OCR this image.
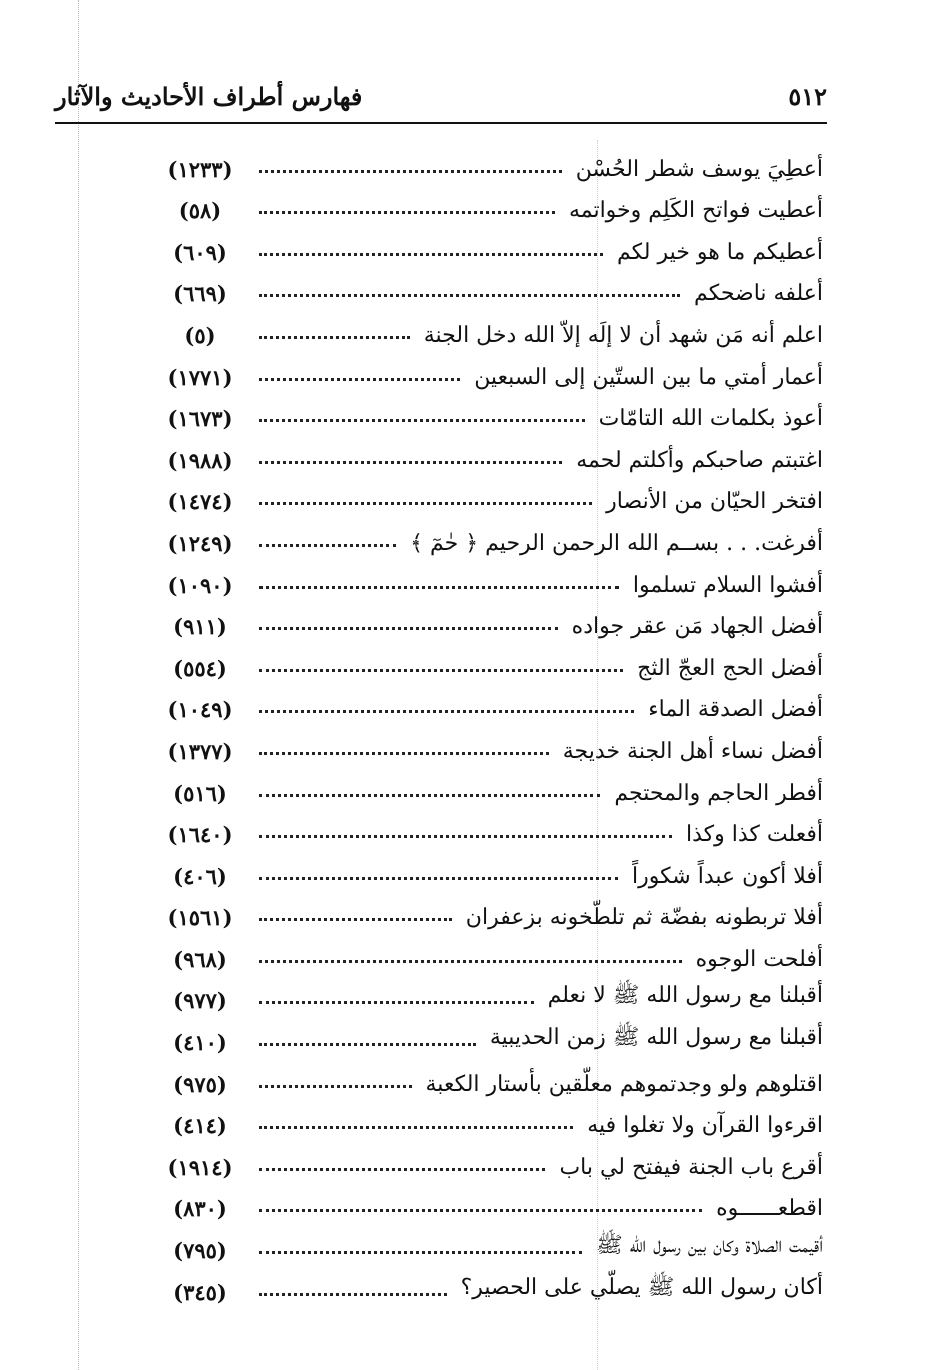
٥١٢
فهارس أطراف الأحاديث والآثار
أعطِيَ يوسف شطر الحُسْن
(١٢٣٣)
أعطيت فواتح الكَلِم وخواتمه
(٥٨)
أعطيكم ما هو خير لكم
(٦٠٩)
أعلفه ناضحكم
(٦٦٩)
اعلم أنه مَن شهد أن لا إلَه إلاّ الله دخل الجنة
(٥)
أعمار أمتي ما بين الستّين إلى السبعين
(١٧٧١)
أعوذ بكلمات الله التامّات
(١٦٧٣)
اغتبتم صاحبكم وأكلتم لحمه
(١٩٨٨)
افتخر الحيّان من الأنصار
(١٤٧٤)
أفرغت. . . بســم الله الرحمن الرحيم ﴿ حٰمٓ ﴾
(١٢٤٩)
أفشوا السلام تسلموا
(١٠٩٠)
أفضل الجهاد مَن عقر جواده
(٩١١)
أفضل الحج العجّ الثج
(٥٥٤)
أفضل الصدقة الماء
(١٠٤٩)
أفضل نساء أهل الجنة خديجة
(١٣٧٧)
أفطر الحاجم والمحتجم
(٥١٦)
أفعلت كذا وكذا
(١٦٤٠)
أفلا أكون عبداً شكوراً
(٤٠٦)
أفلا تربطونه بفضّة ثم تلطّخونه بزعفران
(١٥٦١)
أفلحت الوجوه
(٩٦٨)
أقبلنا مع رسول الله ﷺ لا نعلم
(٩٧٧)
أقبلنا مع رسول الله ﷺ زمن الحديبية
(٤١٠)
اقتلوهم ولو وجدتموهم معلّقين بأستار الكعبة
(٩٧٥)
اقرءوا القرآن ولا تغلوا فيه
(٤١٤)
أقرع باب الجنة فيفتح لي باب
(١٩١٤)
اقطعــــــوه
(٨٣٠)
أقيمت الصلاة وكان بين رسول الله ﷺ
(٧٩٥)
أكان رسول الله ﷺ يصلّي على الحصير؟
(٣٤٥)
